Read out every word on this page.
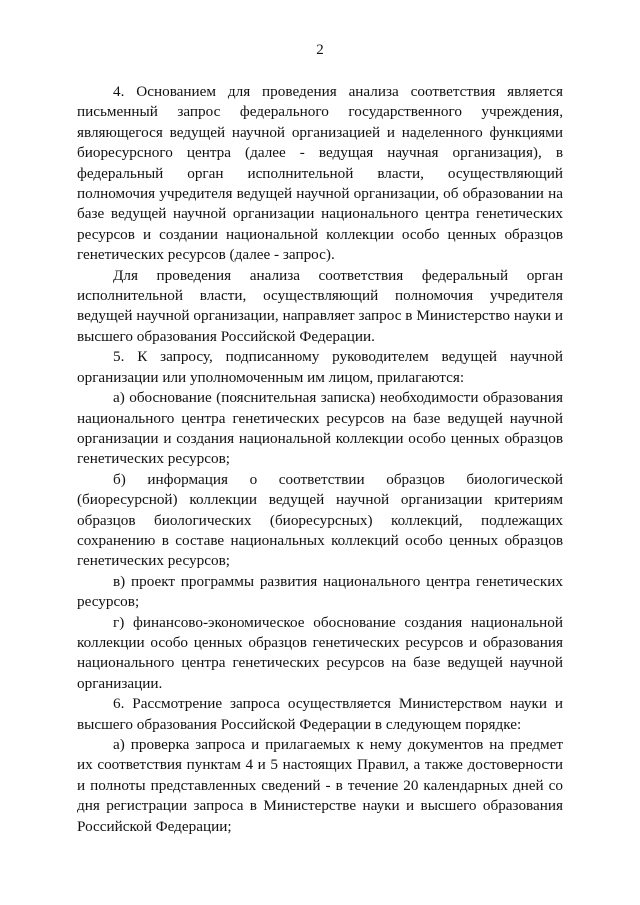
2

4. Основанием для проведения анализа соответствия является письменный запрос федерального государственного учреждения, являющегося ведущей научной организацией и наделенного функциями биоресурсного центра (далее - ведущая научная организация), в федеральный орган исполнительной власти, осуществляющий полномочия учредителя ведущей научной организации, об образовании на базе ведущей научной организации национального центра генетических ресурсов и создании национальной коллекции особо ценных образцов генетических ресурсов (далее - запрос).

Для проведения анализа соответствия федеральный орган исполнительной власти, осуществляющий полномочия учредителя ведущей научной организации, направляет запрос в Министерство науки и высшего образования Российской Федерации.

5. К запросу, подписанному руководителем ведущей научной организации или уполномоченным им лицом, прилагаются:

а) обоснование (пояснительная записка) необходимости образования национального центра генетических ресурсов на базе ведущей научной организации и создания национальной коллекции особо ценных образцов генетических ресурсов;

б) информация о соответствии образцов биологической (биоресурсной) коллекции ведущей научной организации критериям образцов биологических (биоресурсных) коллекций, подлежащих сохранению в составе национальных коллекций особо ценных образцов генетических ресурсов;

в) проект программы развития национального центра генетических ресурсов;

г) финансово-экономическое обоснование создания национальной коллекции особо ценных образцов генетических ресурсов и образования национального центра генетических ресурсов на базе ведущей научной организации.

6. Рассмотрение запроса осуществляется Министерством науки и высшего образования Российской Федерации в следующем порядке:

а) проверка запроса и прилагаемых к нему документов на предмет их соответствия пунктам 4 и 5 настоящих Правил, а также достоверности и полноты представленных сведений - в течение 20 календарных дней со дня регистрации запроса в Министерстве науки и высшего образования Российской Федерации;
